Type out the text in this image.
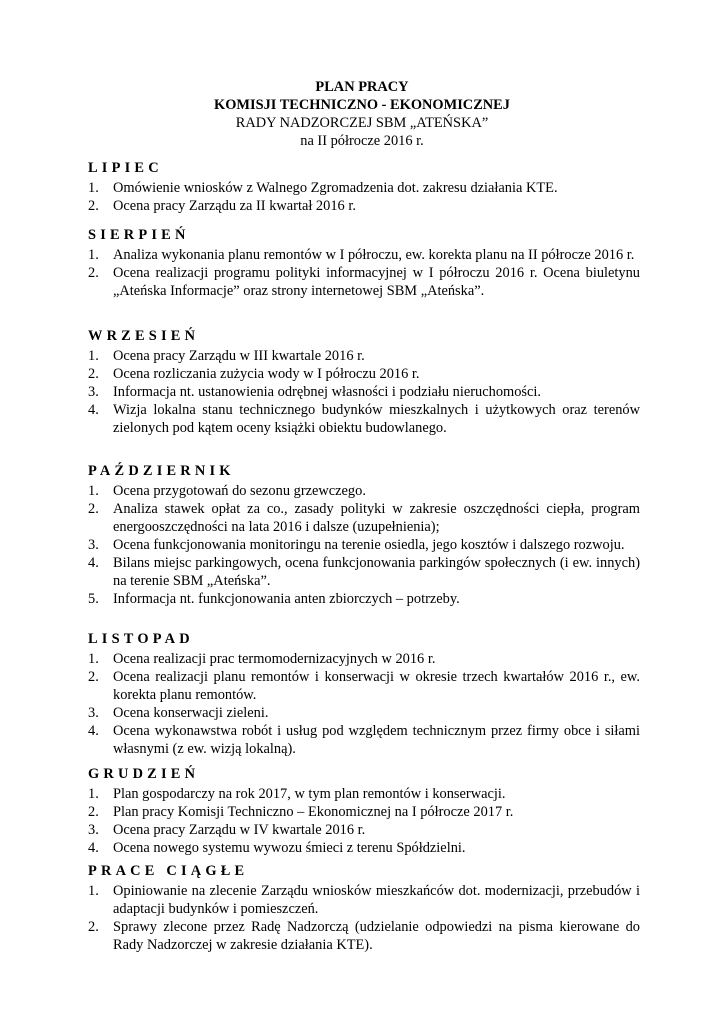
PLAN PRACY
KOMISJI TECHNICZNO - EKONOMICZNEJ
RADY NADZORCZEJ SBM „ATEŃSKA”
na II półrocze 2016 r.
LIPIEC
1. Omówienie wniosków z Walnego Zgromadzenia dot. zakresu działania KTE.
2. Ocena pracy Zarządu za II kwartał 2016 r.
SIERPIEŃ
1. Analiza wykonania planu remontów w I półroczu, ew. korekta planu na II półrocze 2016 r.
2. Ocena realizacji programu polityki informacyjnej w I półroczu 2016 r. Ocena biuletynu „Ateńska Informacje” oraz strony internetowej SBM „Ateńska”.
WRZESIEŃ
1. Ocena pracy Zarządu w III kwartale 2016 r.
2. Ocena rozliczania zużycia wody w I półroczu 2016 r.
3. Informacja nt. ustanowienia odrębnej własności i podziału nieruchomości.
4. Wizja lokalna stanu technicznego budynków mieszkalnych i użytkowych oraz terenów zielonych pod kątem oceny książki obiektu budowlanego.
PAŹDZIERNIK
1. Ocena przygotowań do sezonu grzewczego.
2. Analiza stawek opłat za co., zasady polityki w zakresie oszczędności ciepła, program energooszczędności na lata 2016 i dalsze (uzupełnienia);
3. Ocena funkcjonowania monitoringu na terenie osiedla, jego kosztów i dalszego rozwoju.
4. Bilans miejsc parkingowych, ocena funkcjonowania parkingów społecznych (i ew. innych) na terenie SBM „Ateńska”.
5. Informacja nt. funkcjonowania anten zbiorczych – potrzeby.
LISTOPAD
1. Ocena realizacji prac termomodernizacyjnych w 2016 r.
2. Ocena realizacji planu remontów i konserwacji w okresie trzech kwartałów 2016 r., ew. korekta planu remontów.
3. Ocena konserwacji zieleni.
4. Ocena wykonawstwa robót i usług pod względem technicznym przez firmy obce i siłami własnymi (z ew. wizją lokalną).
GRUDZIEŃ
1. Plan gospodarczy na rok 2017, w tym plan remontów i konserwacji.
2. Plan pracy Komisji Techniczno – Ekonomicznej na I półrocze 2017 r.
3. Ocena pracy Zarządu w IV kwartale 2016 r.
4. Ocena nowego systemu wywozu śmieci z terenu Spółdzielni.
PRACE CIĄGŁE
1. Opiniowanie na zlecenie Zarządu wniosków mieszkańców dot. modernizacji, przebudów i adaptacji budynków i pomieszczeń.
2. Sprawy zlecone przez Radę Nadzorczą (udzielanie odpowiedzi na pisma kierowane do Rady Nadzorczej w zakresie działania KTE).
